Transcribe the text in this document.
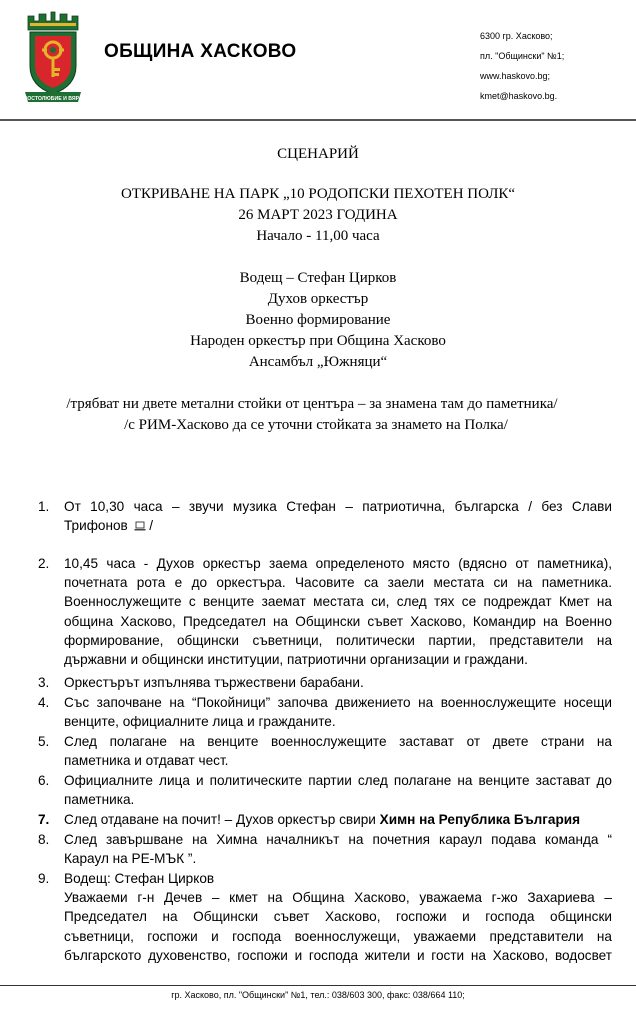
ВОСТОЛЮБИЕ И ВЯРА
ОБЩИНА ХАСКОВО
6300 гр. Хасково;
пл. "Общински" №1;
www.haskovo.bg;
kmet@haskovo.bg.
СЦЕНАРИЙ
ОТКРИВАНЕ НА ПАРК „10 РОДОПСКИ ПЕХОТЕН ПОЛК“
26 МАРТ 2023 ГОДИНА
Начало - 11,00 часа
Водещ – Стефан Цирков
Духов оркестър
Военно формирование
Народен оркестър при Община Хасково
Ансамбъл „Южняци“
/трябват ни двете метални стойки от центъра – за знамена там до паметника/
/с РИМ-Хасково да се уточни стойката за знамето на Полка/
1.	От 10,30 часа – звучи музика Стефан – патриотична, българска / без Слави
Трифонов  /
2.	10,45 часа - Духов оркестър заема определеното място (вдясно от паметника),
почетната рота е до оркестъра. Часовите са заели местата си на паметника.
Военнослужещите с венците заемат местата си, след тях се подреждат Кмет на
община Хасково, Председател на Общински съвет Хасково, Командир на Военно
формирование, общински съветници, политически партии, представители на
държавни и общински институции, патриотични организации и граждани.
3.	Оркестърът изпълнява тържествени барабани.
4.	Със започване на “Покойници” започва движението на военнослужещите носещи
венците, официалните лица и гражданите.
5.	След полагане на венците военнослужещите застават от двете страни на
паметника и отдават чест.
6.	Официалните лица и политическите партии след полагане на венците застават до
паметника.
7.	След отдаване на почит! – Духов оркестър свири Химн на Република България
8.	След завършване на Химна началникът на почетния караул подава команда “
Караул на РЕ-МЪК ”.
9.	Водещ: Стефан Цирков
Уважаеми г-н Дечев – кмет на Община Хасково, уважаема г-жо Захариева –
Председател на Общински съвет Хасково, госпожи и господа общински
съветници, госпожи и господа военнослужещи, уважаеми представители на
българското духовенство, госпожи и господа жители и гости на Хасково, водосвет
гр. Хасково, пл. "Общински" №1, тел.: 038/603 300, факс: 038/664 110;
